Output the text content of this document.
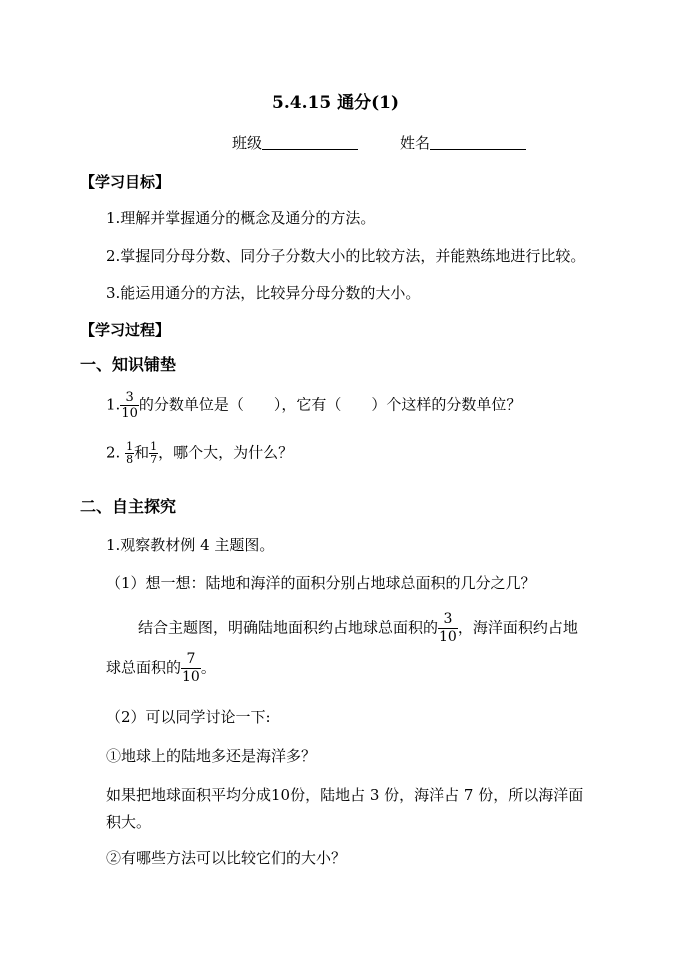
5.4.15 通分(1)
班级	姓名
【学习目标】
1.理解并掌握通分的概念及通分的方法。
2.掌握同分母分数、同分子分数大小的比较方法，并能熟练地进行比较。
3.能运用通分的方法，比较异分母分数的大小。
【学习过程】
一、知识铺垫
1. $\frac{3}{10}$ 的分数单位是（　　），它有（　　）个这样的分数单位？
2. $\frac{1}{8}$ 和 $\frac{1}{7}$ ，哪个大，为什么？
二、自主探究
1.观察教材例 4 主题图。
（1）想一想：陆地和海洋的面积分别占地球总面积的几分之几？
结合主题图，明确陆地面积约占地球总面积的 $\frac{3}{10}$ ，海洋面积约占地
球总面积的 $\frac{7}{10}$ 。
（2）可以同学讨论一下:
①地球上的陆地多还是海洋多？
如果把地球面积平均分成10份，陆地占 3 份，海洋占 7 份，所以海洋面
积大。
②有哪些方法可以比较它们的大小？
